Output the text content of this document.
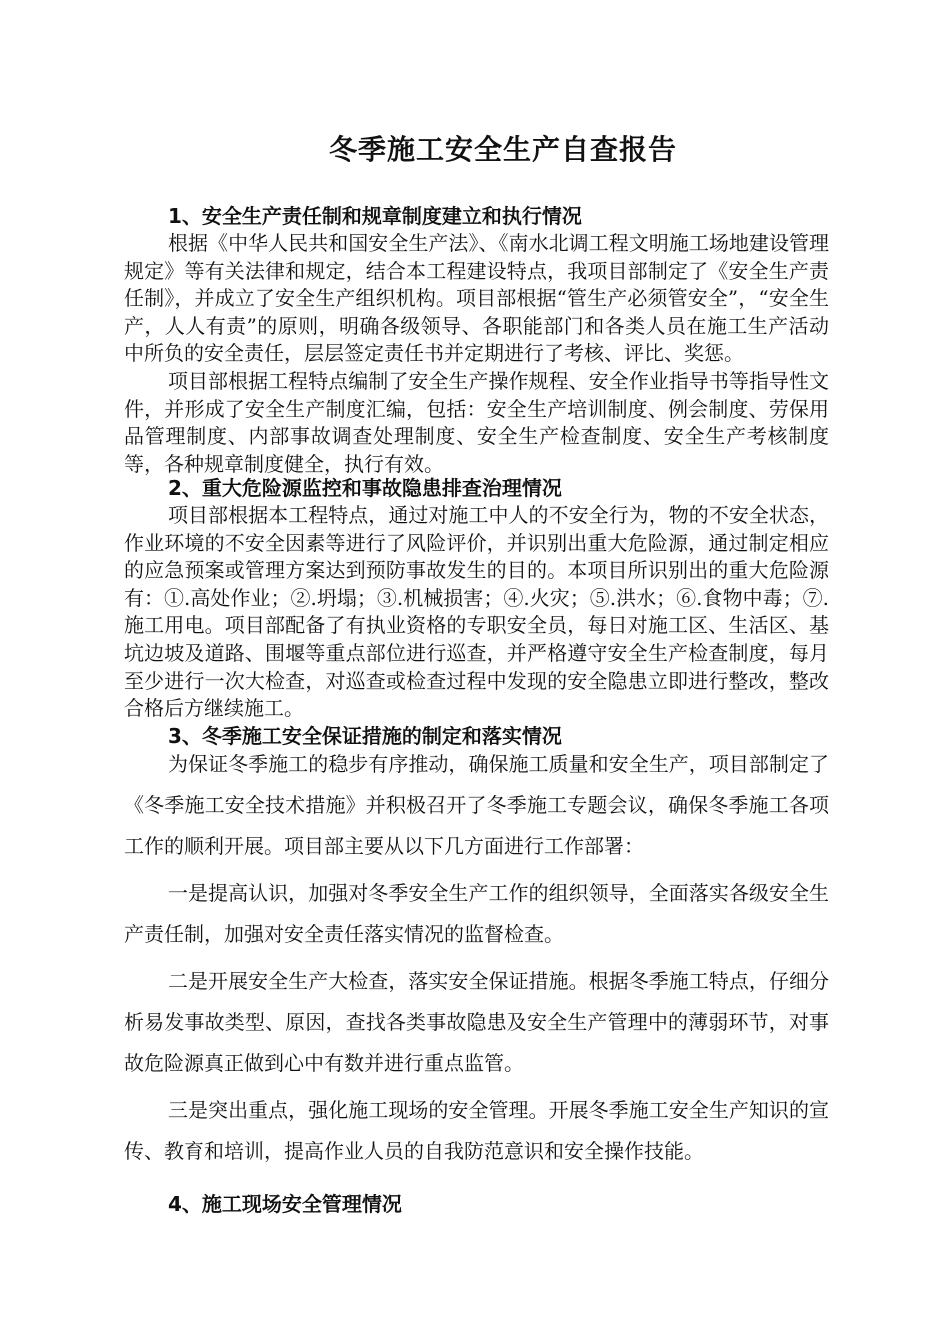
冬季施工安全生产自查报告

1、安全生产责任制和规章制度建立和执行情况

根据《中华人民共和国安全生产法》、《南水北调工程文明施工场地建设管理规定》等有关法律和规定，结合本工程建设特点，我项目部制定了《安全生产责任制》，并成立了安全生产组织机构。项目部根据“管生产必须管安全”，“安全生产，人人有责”的原则，明确各级领导、各职能部门和各类人员在施工生产活动中所负的安全责任，层层签定责任书并定期进行了考核、评比、奖惩。

项目部根据工程特点编制了安全生产操作规程、安全作业指导书等指导性文件，并形成了安全生产制度汇编，包括：安全生产培训制度、例会制度、劳保用品管理制度、内部事故调查处理制度、安全生产检查制度、安全生产考核制度等，各种规章制度健全，执行有效。

2、重大危险源监控和事故隐患排查治理情况

项目部根据本工程特点，通过对施工中人的不安全行为，物的不安全状态，作业环境的不安全因素等进行了风险评价，并识别出重大危险源，通过制定相应的应急预案或管理方案达到预防事故发生的目的。本项目所识别出的重大危险源有：①.高处作业；②.坍塌；③.机械损害；④.火灾；⑤.洪水；⑥.食物中毒；⑦.施工用电。项目部配备了有执业资格的专职安全员，每日对施工区、生活区、基坑边坡及道路、围堰等重点部位进行巡查，并严格遵守安全生产检查制度，每月至少进行一次大检查，对巡查或检查过程中发现的安全隐患立即进行整改，整改合格后方继续施工。

3、冬季施工安全保证措施的制定和落实情况

为保证冬季施工的稳步有序推动，确保施工质量和安全生产，项目部制定了《冬季施工安全技术措施》并积极召开了冬季施工专题会议，确保冬季施工各项工作的顺利开展。项目部主要从以下几方面进行工作部署：

一是提高认识，加强对冬季安全生产工作的组织领导，全面落实各级安全生产责任制，加强对安全责任落实情况的监督检查。

二是开展安全生产大检查，落实安全保证措施。根据冬季施工特点，仔细分析易发事故类型、原因，查找各类事故隐患及安全生产管理中的薄弱环节，对事故危险源真正做到心中有数并进行重点监管。

三是突出重点，强化施工现场的安全管理。开展冬季施工安全生产知识的宣传、教育和培训，提高作业人员的自我防范意识和安全操作技能。

4、施工现场安全管理情况
